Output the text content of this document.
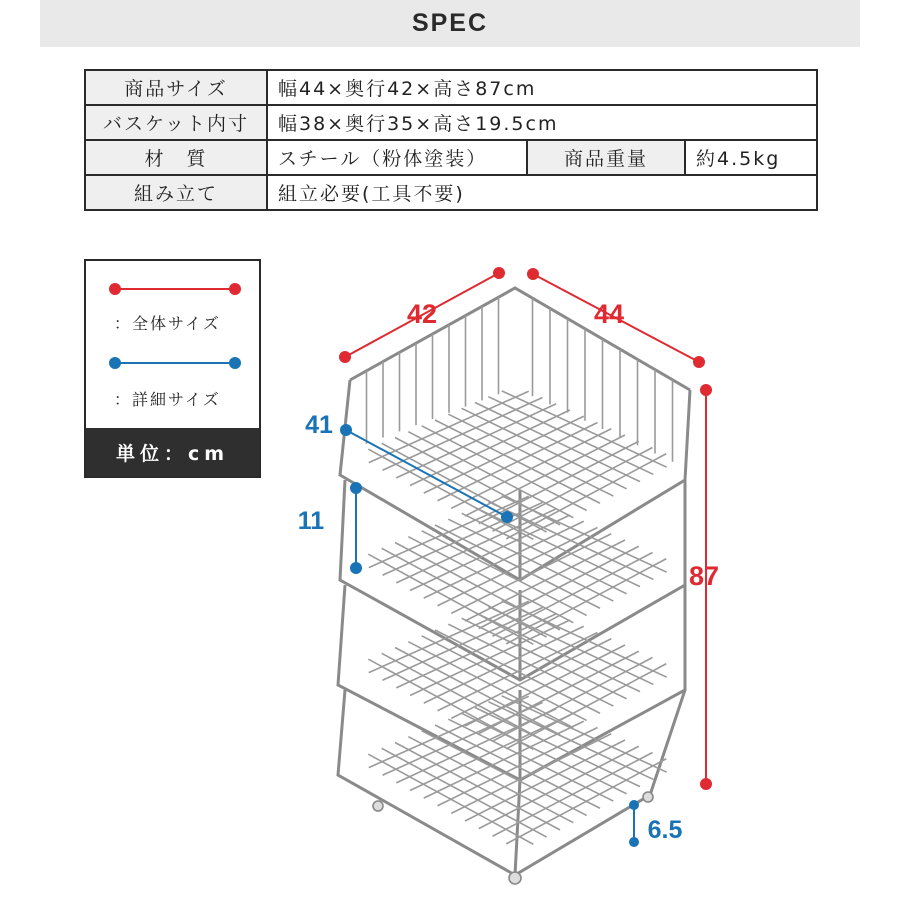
SPEC
商品サイズ	幅44×奥行42×高さ87cm		
バスケット内寸	幅38×奥行35×高さ19.5cm		
材　質	スチール（粉体塗装）	商品重量	約4.5kg
組み立て	組立必要(工具不要)		
：全体サイズ
：詳細サイズ
単位：cm
42	44
87
41
11
6.5
